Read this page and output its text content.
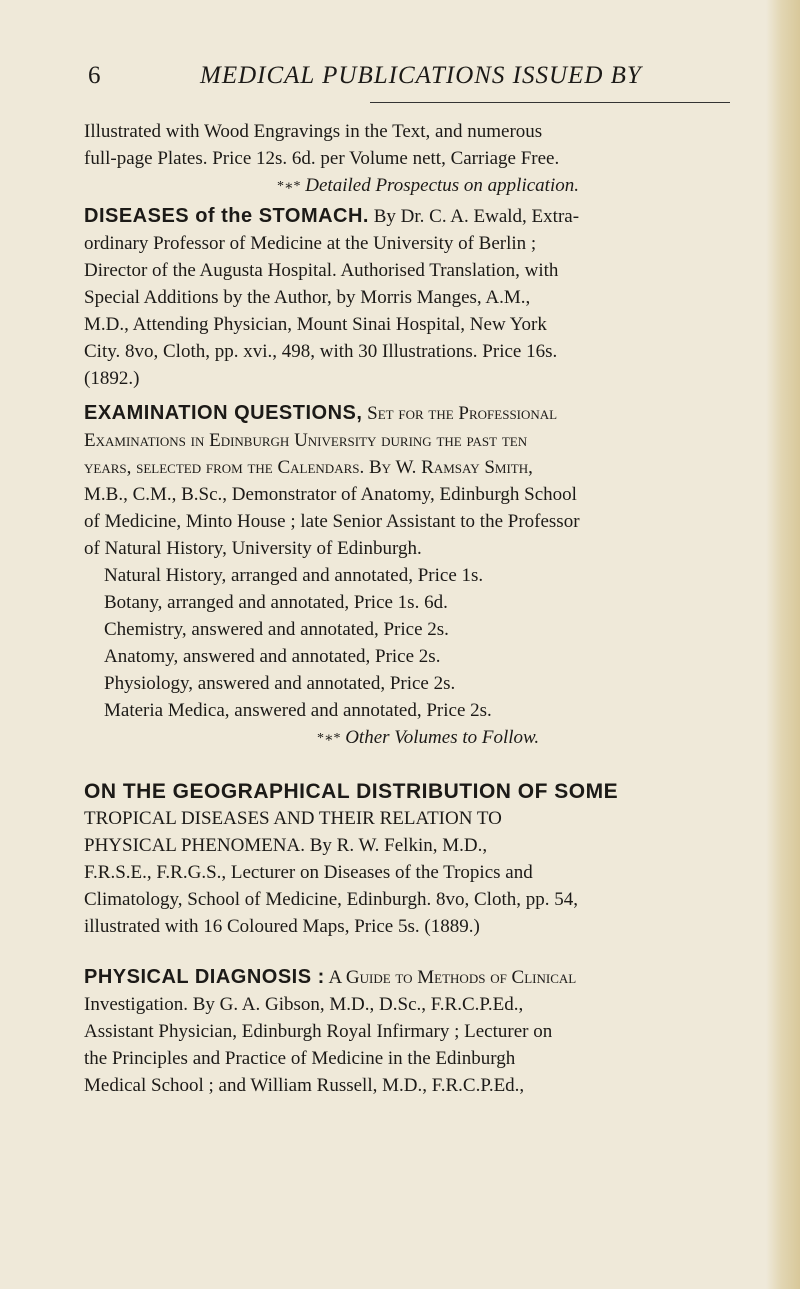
6	MEDICAL PUBLICATIONS ISSUED BY
Illustrated with Wood Engravings in the Text, and numerous
full-page Plates. Price 12s. 6d. per Volume nett, Carriage Free.
*∗* Detailed Prospectus on application.
DISEASES of the STOMACH. By Dr. C. A. Ewald, Extra-
ordinary Professor of Medicine at the University of Berlin ;
Director of the Augusta Hospital. Authorised Translation, with
Special Additions by the Author, by Morris Manges, A.M.,
M.D., Attending Physician, Mount Sinai Hospital, New York
City. 8vo, Cloth, pp. xvi., 498, with 30 Illustrations. Price 16s.
(1892.)
EXAMINATION QUESTIONS, Set for the Professional
Examinations in Edinburgh University during the past ten
years, selected from the Calendars. By W. Ramsay Smith,
M.B., C.M., B.Sc., Demonstrator of Anatomy, Edinburgh School
of Medicine, Minto House ; late Senior Assistant to the Professor
of Natural History, University of Edinburgh.
Natural History, arranged and annotated, Price 1s.
Botany, arranged and annotated, Price 1s. 6d.
Chemistry, answered and annotated, Price 2s.
Anatomy, answered and annotated, Price 2s.
Physiology, answered and annotated, Price 2s.
Materia Medica, answered and annotated, Price 2s.
*∗* Other Volumes to Follow.
ON THE GEOGRAPHICAL DISTRIBUTION OF SOME
TROPICAL DISEASES AND THEIR RELATION TO
PHYSICAL PHENOMENA. By R. W. Felkin, M.D.,
F.R.S.E., F.R.G.S., Lecturer on Diseases of the Tropics and
Climatology, School of Medicine, Edinburgh. 8vo, Cloth, pp. 54,
illustrated with 16 Coloured Maps, Price 5s. (1889.)
PHYSICAL DIAGNOSIS : A Guide to Methods of Clinical
Investigation. By G. A. Gibson, M.D., D.Sc., F.R.C.P.Ed.,
Assistant Physician, Edinburgh Royal Infirmary ; Lecturer on
the Principles and Practice of Medicine in the Edinburgh
Medical School ; and William Russell, M.D., F.R.C.P.Ed.,
